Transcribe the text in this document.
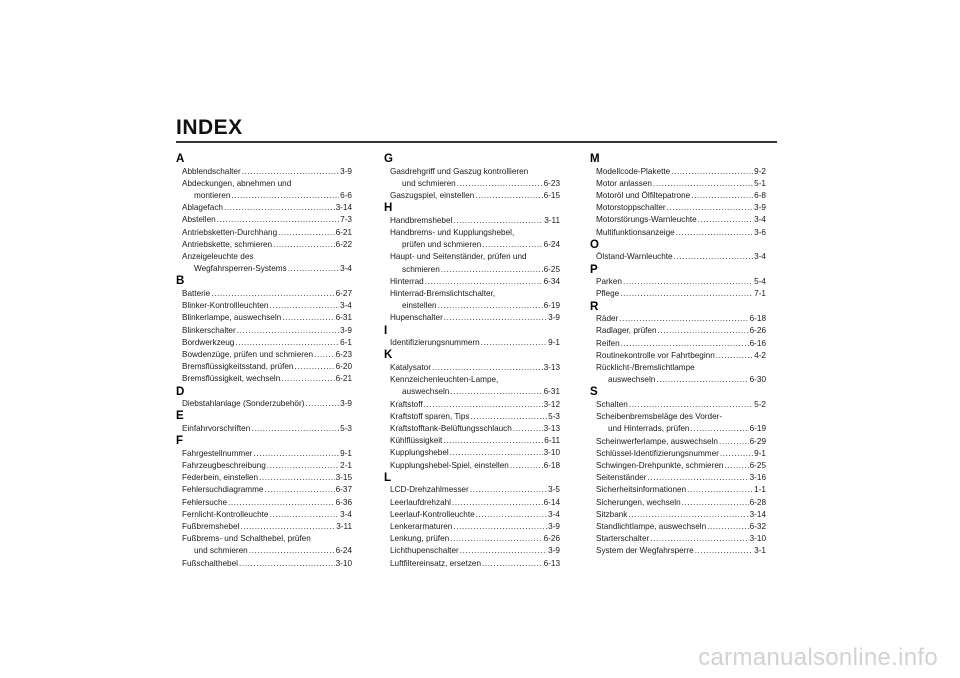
INDEX
A
Abblendschalter .....	3-9
Abdeckungen, abnehmen und
montieren .....	6-6
Ablagefach .....	3-14
Abstellen .....	7-3
Antriebsketten-Durchhang .....	6-21
Antriebskette, schmieren .....	6-22
Anzeigeleuchte des
Wegfahrsperren-Systems .....	3-4
B
Batterie .....	6-27
Blinker-Kontrollleuchten .....	3-4
Blinkerlampe, auswechseln .....	6-31
Blinkerschalter .....	3-9
Bordwerkzeug .....	6-1
Bowdenzüge, prüfen und schmieren .....	6-23
Bremsflüssigkeitsstand, prüfen .....	6-20
Bremsflüssigkeit, wechseln .....	6-21
D
Diebstahlanlage (Sonderzubehör) .....	3-9
E
Einfahrvorschriften .....	5-3
F
Fahrgestellnummer .....	9-1
Fahrzeugbeschreibung .....	2-1
Federbein, einstellen .....	3-15
Fehlersuchdiagramme .....	6-37
Fehlersuche .....	6-36
Fernlicht-Kontrolleuchte .....	3-4
Fußbremshebel .....	3-11
Fußbrems- und Schalthebel, prüfen
und schmieren .....	6-24
Fußschalthebel .....	3-10
G
Gasdrehgriff und Gaszug kontrollieren
und schmieren .....	6-23
Gaszugspiel, einstellen .....	6-15
H
Handbremshebel .....	3-11
Handbrems- und Kupplungshebel,
prüfen und schmieren .....	6-24
Haupt- und Seitenständer, prüfen und
schmieren .....	6-25
Hinterrad .....	6-34
Hinterrad-Bremslichtschalter,
einstellen .....	6-19
Hupenschalter .....	3-9
I
Identifizierungsnummern .....	9-1
K
Katalysator .....	3-13
Kennzeichenleuchten-Lampe,
auswechseln .....	6-31
Kraftstoff .....	3-12
Kraftstoff sparen, Tips .....	5-3
Kraftstofftank-Belüftungsschlauch .....	3-13
Kühlflüssigkeit .....	6-11
Kupplungshebel .....	3-10
Kupplungshebel-Spiel, einstellen .....	6-18
L
LCD-Drehzahlmesser .....	3-5
Leerlaufdrehzahl .....	6-14
Leerlauf-Kontrolleuchte .....	3-4
Lenkerarmaturen .....	3-9
Lenkung, prüfen .....	6-26
Lichthupenschalter .....	3-9
Luftfiltereinsatz, ersetzen .....	6-13
M
Modellcode-Plakette .....	9-2
Motor anlassen .....	5-1
Motoröl und Ölfiltepatrone .....	6-8
Motorstoppschalter .....	3-9
Motorstörungs-Warnleuchte .....	3-4
Multifunktionsanzeige .....	3-6
O
Ölstand-Warnleuchte .....	3-4
P
Parken .....	5-4
Pflege .....	7-1
R
Räder .....	6-18
Radlager, prüfen .....	6-26
Reifen .....	6-16
Routinekontrolle vor Fahrtbeginn .....	4-2
Rücklicht-/Bremslichtlampe
auswechseln .....	6-30
S
Schalten .....	5-2
Scheibenbremsbeläge des Vorder-
und Hinterrads, prüfen .....	6-19
Scheinwerferlampe, auswechseln .....	6-29
Schlüssel-Identifizierungsnummer .....	9-1
Schwingen-Drehpunkte, schmieren .....	6-25
Seitenständer .....	3-16
Sicherheitsinformationen .....	1-1
Sicherungen, wechseln .....	6-28
Sitzbank .....	3-14
Standlichtlampe, auswechseln .....	6-32
Starterschalter .....	3-10
System der Wegfahrsperre .....	3-1
carmanualsonline.info
